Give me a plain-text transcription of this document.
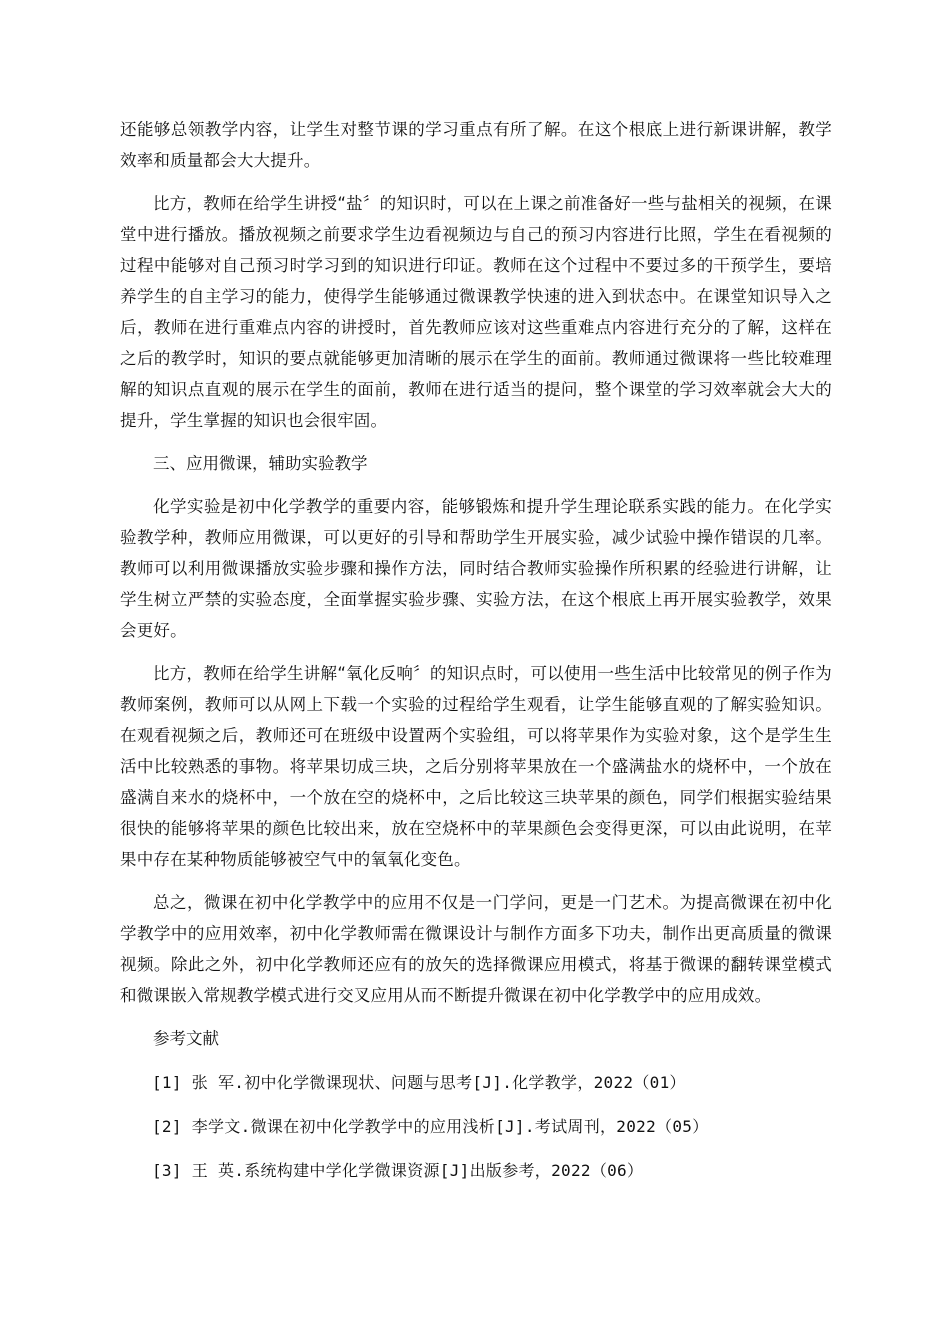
还能够总领教学内容，让学生对整节课的学习重点有所了解。在这个根底上进行新课讲解，教学效率和质量都会大大提升。

比方，教师在给学生讲授“盐〞的知识时，可以在上课之前准备好一些与盐相关的视频，在课堂中进行播放。播放视频之前要求学生边看视频边与自己的预习内容进行比照，学生在看视频的过程中能够对自己预习时学习到的知识进行印证。教师在这个过程中不要过多的干预学生，要培养学生的自主学习的能力，使得学生能够通过微课教学快速的进入到状态中。在课堂知识导入之后，教师在进行重难点内容的讲授时，首先教师应该对这些重难点内容进行充分的了解，这样在之后的教学时，知识的要点就能够更加清晰的展示在学生的面前。教师通过微课将一些比较难理解的知识点直观的展示在学生的面前，教师在进行适当的提问，整个课堂的学习效率就会大大的提升，学生掌握的知识也会很牢固。

三、应用微课，辅助实验教学

化学实验是初中化学教学的重要内容，能够锻炼和提升学生理论联系实践的能力。在化学实验教学种，教师应用微课，可以更好的引导和帮助学生开展实验，减少试验中操作错误的几率。教师可以利用微课播放实验步骤和操作方法，同时结合教师实验操作所积累的经验进行讲解，让学生树立严禁的实验态度，全面掌握实验步骤、实验方法，在这个根底上再开展实验教学，效果会更好。

比方，教师在给学生讲解“氧化反响〞的知识点时，可以使用一些生活中比较常见的例子作为教师案例，教师可以从网上下载一个实验的过程给学生观看，让学生能够直观的了解实验知识。在观看视频之后，教师还可在班级中设置两个实验组，可以将苹果作为实验对象，这个是学生生活中比较熟悉的事物。将苹果切成三块，之后分别将苹果放在一个盛满盐水的烧杯中，一个放在盛满自来水的烧杯中，一个放在空的烧杯中，之后比较这三块苹果的颜色，同学们根据实验结果很快的能够将苹果的颜色比较出来，放在空烧杯中的苹果颜色会变得更深，可以由此说明，在苹果中存在某种物质能够被空气中的氧氧化变色。

总之，微课在初中化学教学中的应用不仅是一门学问，更是一门艺术。为提高微课在初中化学教学中的应用效率，初中化学教师需在微课设计与制作方面多下功夫，制作出更高质量的微课视频。除此之外，初中化学教师还应有的放矢的选择微课应用模式，将基于微课的翻转课堂模式和微课嵌入常规教学模式进行交叉应用从而不断提升微课在初中化学教学中的应用成效。

参考文献

[1] 张 军.初中化学微课现状、问题与思考[J].化学教学，2022（01）

[2] 李学文.微课在初中化学教学中的应用浅析[J].考试周刊，2022（05）

[3] 王 英.系统构建中学化学微课资源[J]出版参考，2022（06）
